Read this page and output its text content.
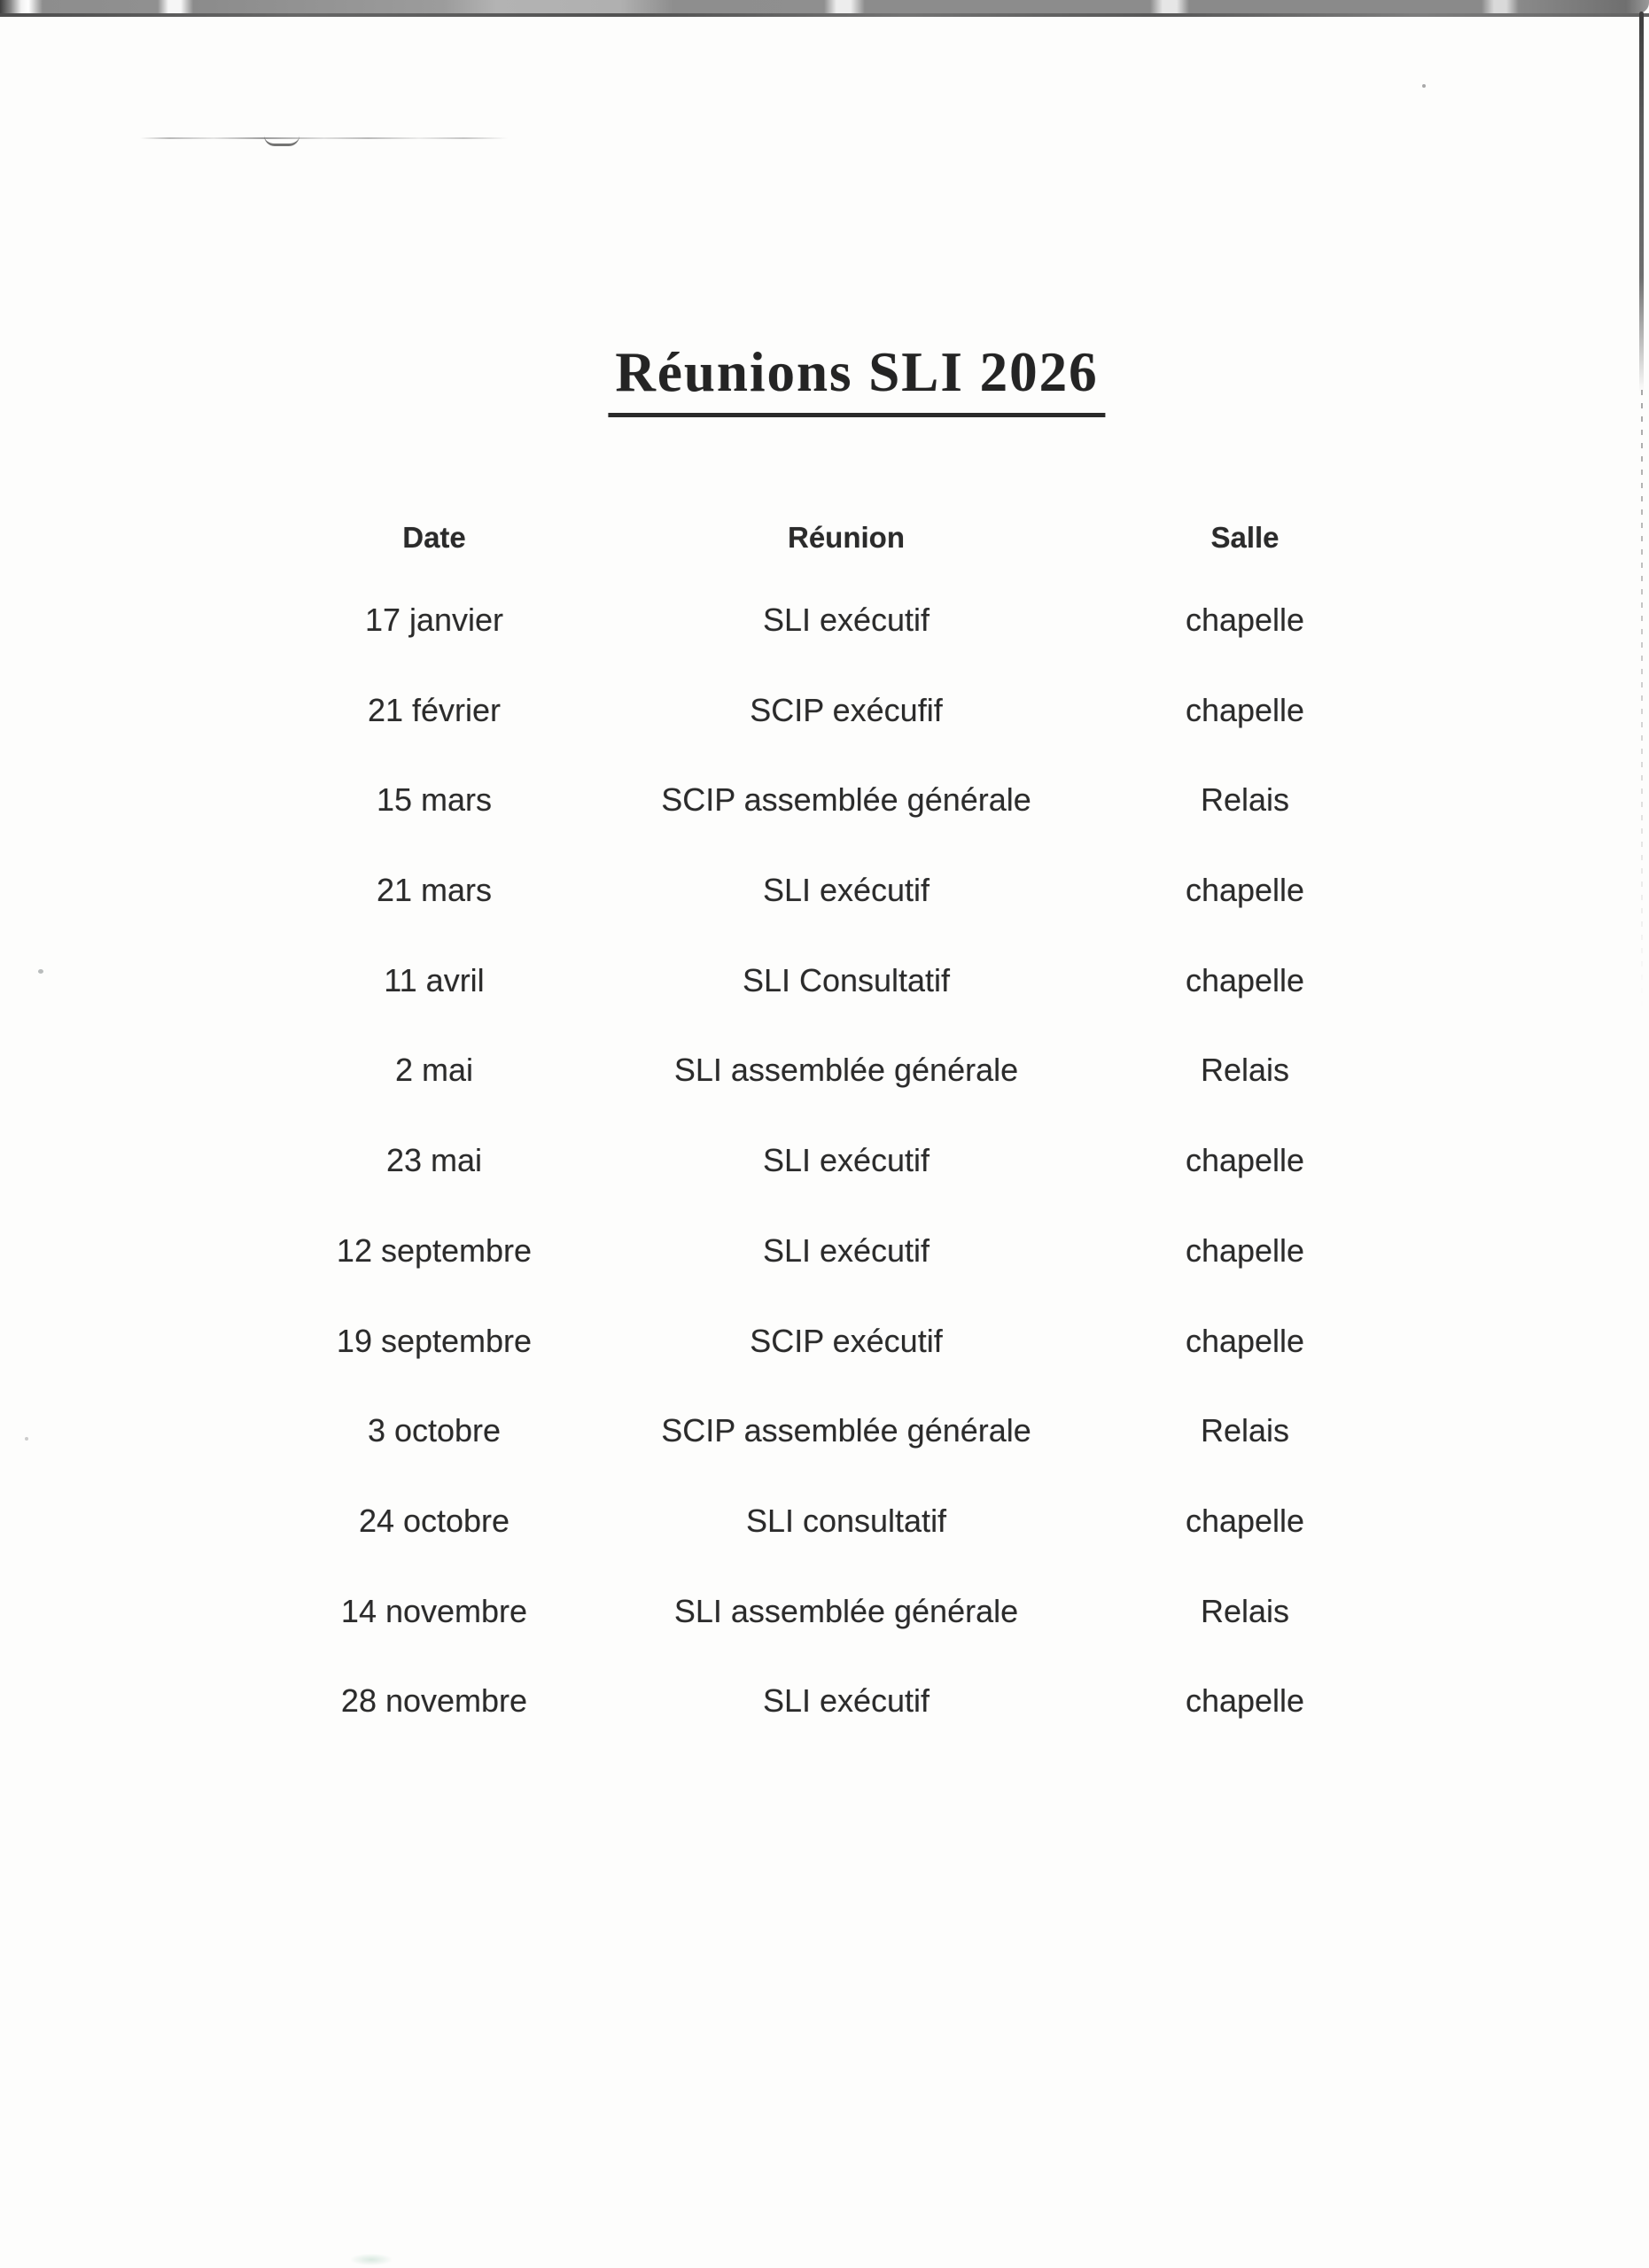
Réunions SLI 2026
Date	Réunion	Salle
17 janvier	SLI exécutif	chapelle
21 février	SCIP exécufif	chapelle
15 mars	SCIP assemblée générale	Relais
21 mars	SLI exécutif	chapelle
11 avril	SLI Consultatif	chapelle
2 mai	SLI assemblée générale	Relais
23 mai	SLI exécutif	chapelle
12 septembre	SLI exécutif	chapelle
19 septembre	SCIP exécutif	chapelle
3 octobre	SCIP assemblée générale	Relais
24 octobre	SLI consultatif	chapelle
14 novembre	SLI assemblée générale	Relais
28 novembre	SLI exécutif	chapelle
